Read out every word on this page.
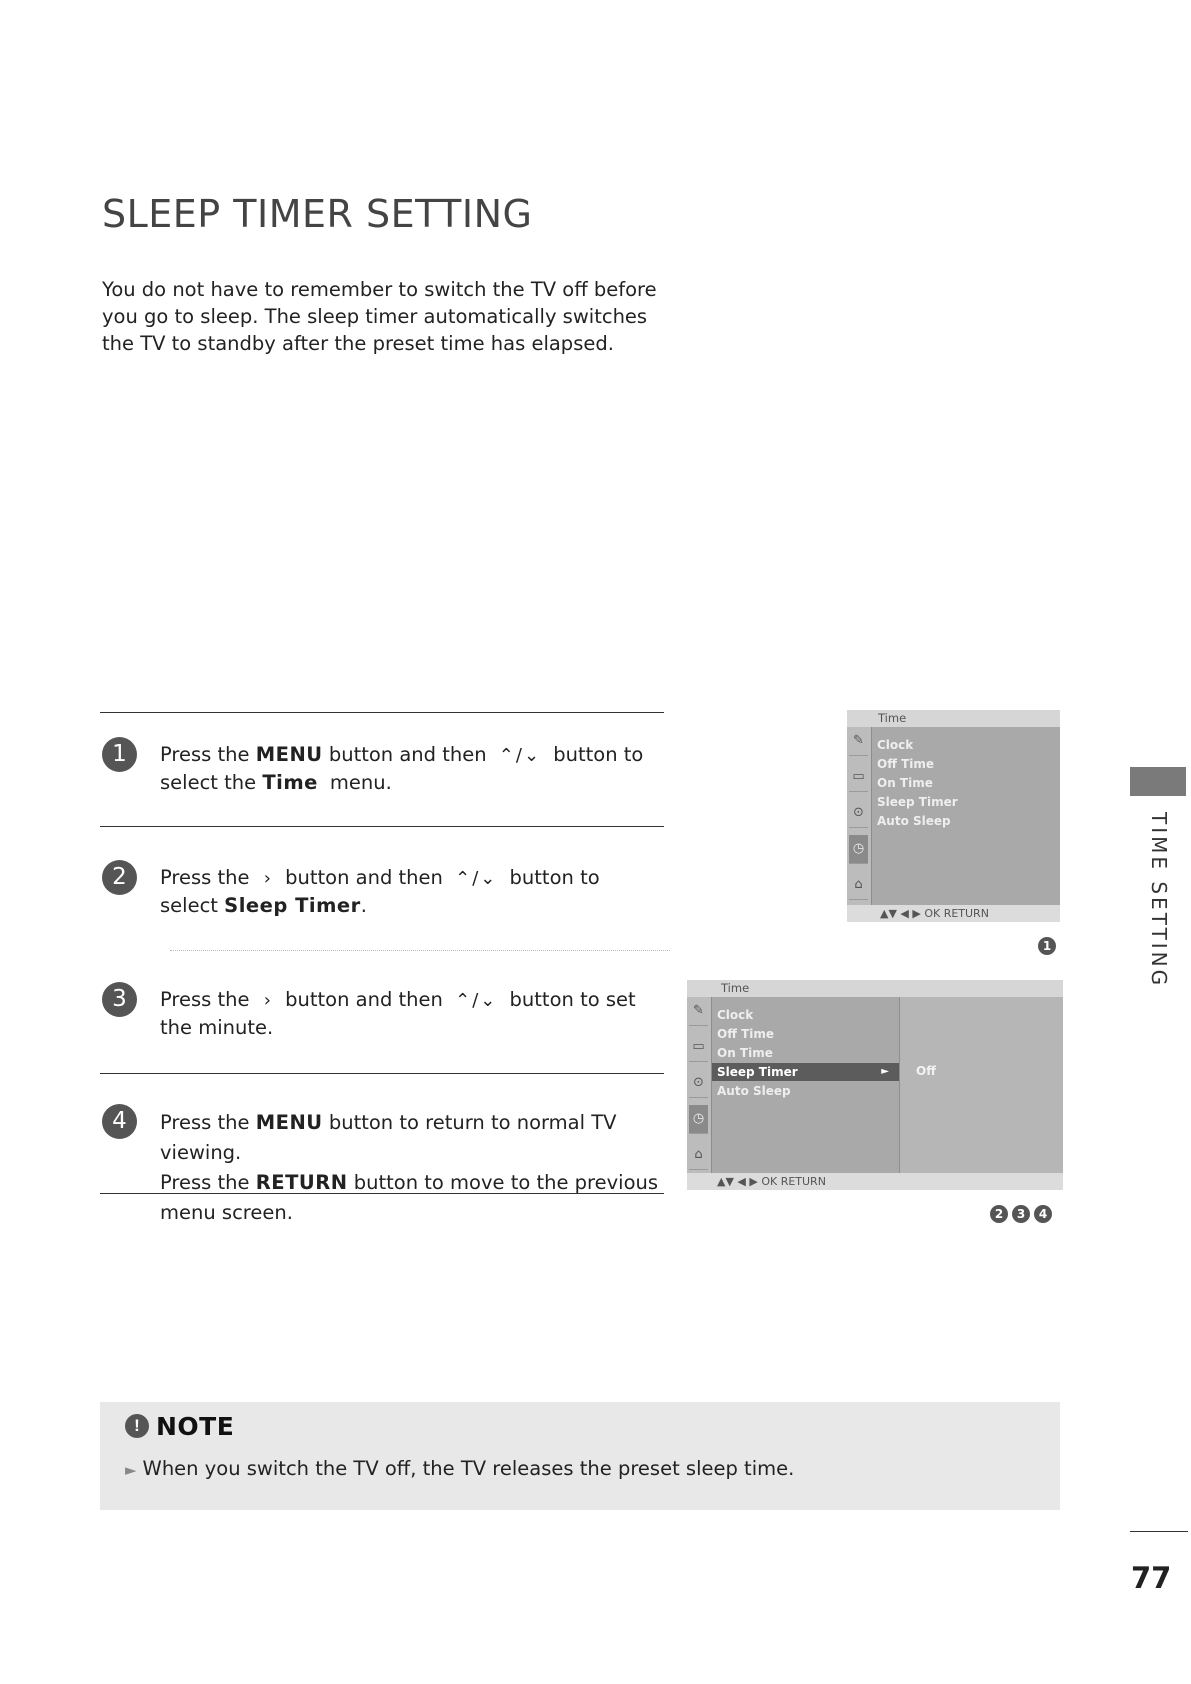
SLEEP TIMER SETTING
You do not have to remember to switch the TV off before you go to sleep. The sleep timer automatically switches the TV to standby after the preset time has elapsed.
1	Press the MENU button and then ⌃/⌄ button to select the Time menu.
2	Press the › button and then ⌃/⌄ button to select Sleep Timer.
3	Press the › button and then ⌃/⌄ button to set the minute.
4	Press the MENU button to return to normal TV viewing.
Press the RETURN button to move to the previous menu screen.
Time
✎
▭
⊙
◷
⌂
Clock
Off Time
On Time
Sleep Timer
Auto Sleep
▲▼ ◀ ▶ OK RETURN
1
Time
✎
▭
⊙
◷
⌂
Clock
Off Time
On Time
Sleep Timer	►
Auto Sleep
Off
▲▼ ◀ ▶ OK RETURN
2 3 4
TIME SETTING
! NOTE
► When you switch the TV off, the TV releases the preset sleep time.
77
